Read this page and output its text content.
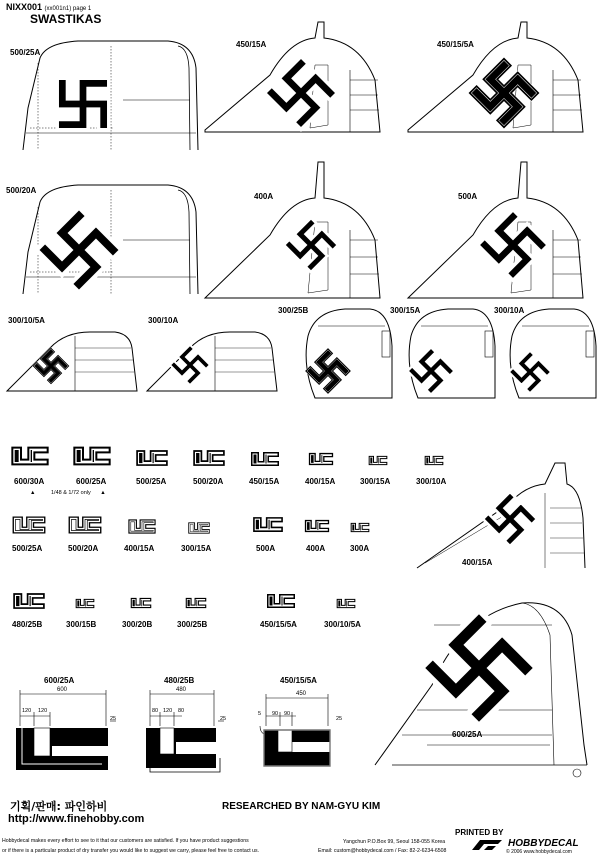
NIXX001 (xx001n1) page 1
SWASTIKAS
500/25A
450/15A	450/15/5A
500/20A
400A	500A
300/10/5A	300/10A
300/25B	300/15A	300/10A
600/30A	600/25A	500/25A	500/20A	450/15A	400/15A	300/15A	300/10A
▲	1/48 & 1/72 only ▲
500/25A	500/20A	400/15A	300/15A	500A	400A	300A
480/25B	300/15B	300/20B	300/25B	450/15/5A	300/10/5A
400/15A
600/25A
600/25A
600
120 120
25
480/25B
480
80 120 80
25
450/15/5A
450
5 90 90
25
기획/판매: 파인하비
http://www.finehobby.com
RESEARCHED BY NAM-GYU KIM
PRINTED BY
Hobbydecal makes every effort to see to it that our customers are satisfied. If you have product suggestions
or if there is a particular product of dry transfer you would like to suggest we carry, please feel free to contact us.
Yangchun P.O.Box 99, Seoul 158-055 Korea
Email: custom@hobbydecal.com / Fax: 82-2-6234-6508
HOBBYDECAL
© 2006 www.hobbydecal.com
